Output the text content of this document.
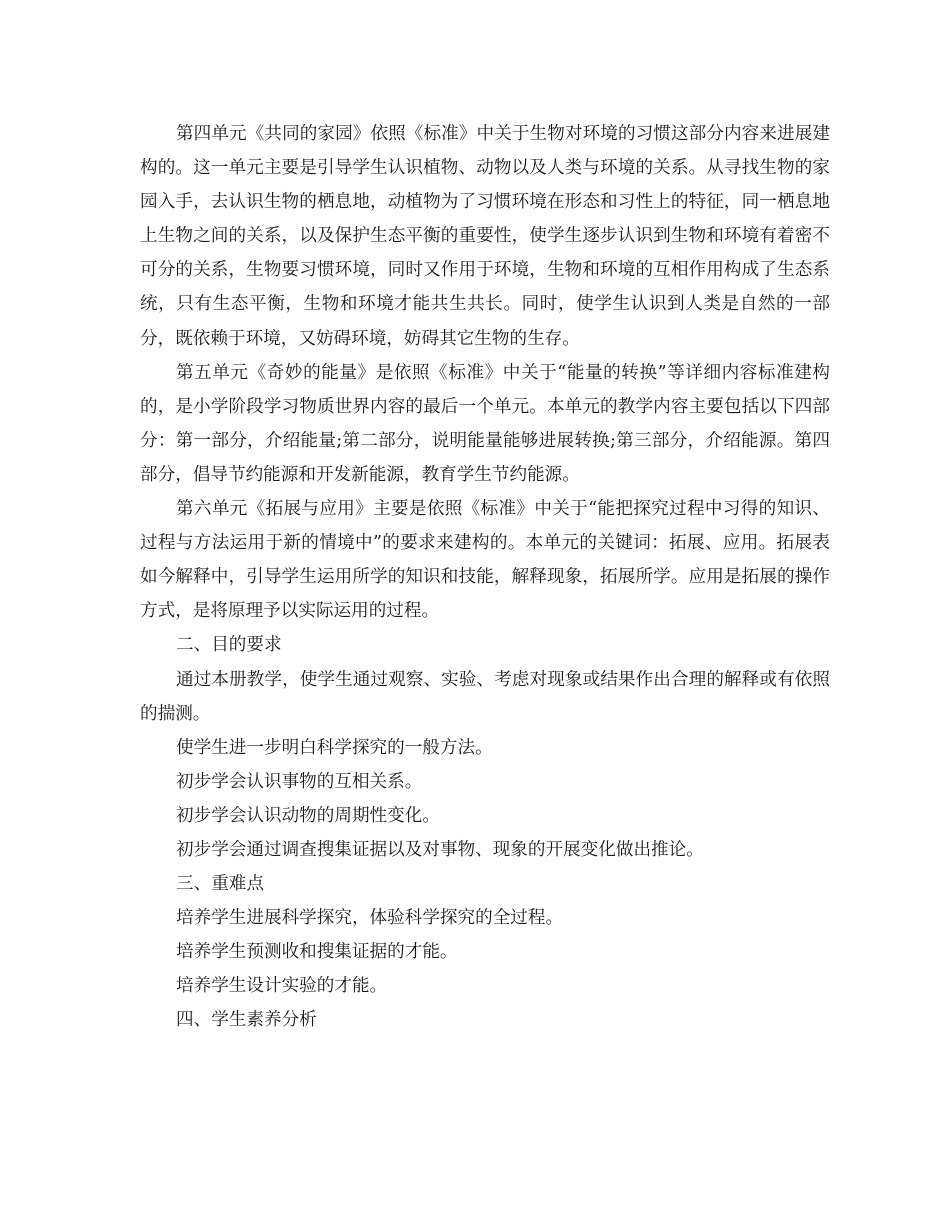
第四单元《共同的家园》依照《标准》中关于生物对环境的习惯这部分内容来进展建构的。这一单元主要是引导学生认识植物、动物以及人类与环境的关系。从寻找生物的家园入手，去认识生物的栖息地，动植物为了习惯环境在形态和习性上的特征，同一栖息地上生物之间的关系，以及保护生态平衡的重要性，使学生逐步认识到生物和环境有着密不可分的关系，生物要习惯环境，同时又作用于环境，生物和环境的互相作用构成了生态系统，只有生态平衡，生物和环境才能共生共长。同时，使学生认识到人类是自然的一部分，既依赖于环境，又妨碍环境，妨碍其它生物的生存。

第五单元《奇妙的能量》是依照《标准》中关于“能量的转换”等详细内容标准建构的，是小学阶段学习物质世界内容的最后一个单元。本单元的教学内容主要包括以下四部分：第一部分，介绍能量;第二部分，说明能量能够进展转换;第三部分，介绍能源。第四部分，倡导节约能源和开发新能源，教育学生节约能源。

第六单元《拓展与应用》主要是依照《标准》中关于“能把探究过程中习得的知识、过程与方法运用于新的情境中”的要求来建构的。本单元的关键词：拓展、应用。拓展表如今解释中，引导学生运用所学的知识和技能，解释现象，拓展所学。应用是拓展的操作方式，是将原理予以实际运用的过程。

二、目的要求

通过本册教学，使学生通过观察、实验、考虑对现象或结果作出合理的解释或有依照的揣测。

使学生进一步明白科学探究的一般方法。

初步学会认识事物的互相关系。

初步学会认识动物的周期性变化。

初步学会通过调查搜集证据以及对事物、现象的开展变化做出推论。

三、重难点

培养学生进展科学探究，体验科学探究的全过程。

培养学生预测收和搜集证据的才能。

培养学生设计实验的才能。

四、学生素养分析
